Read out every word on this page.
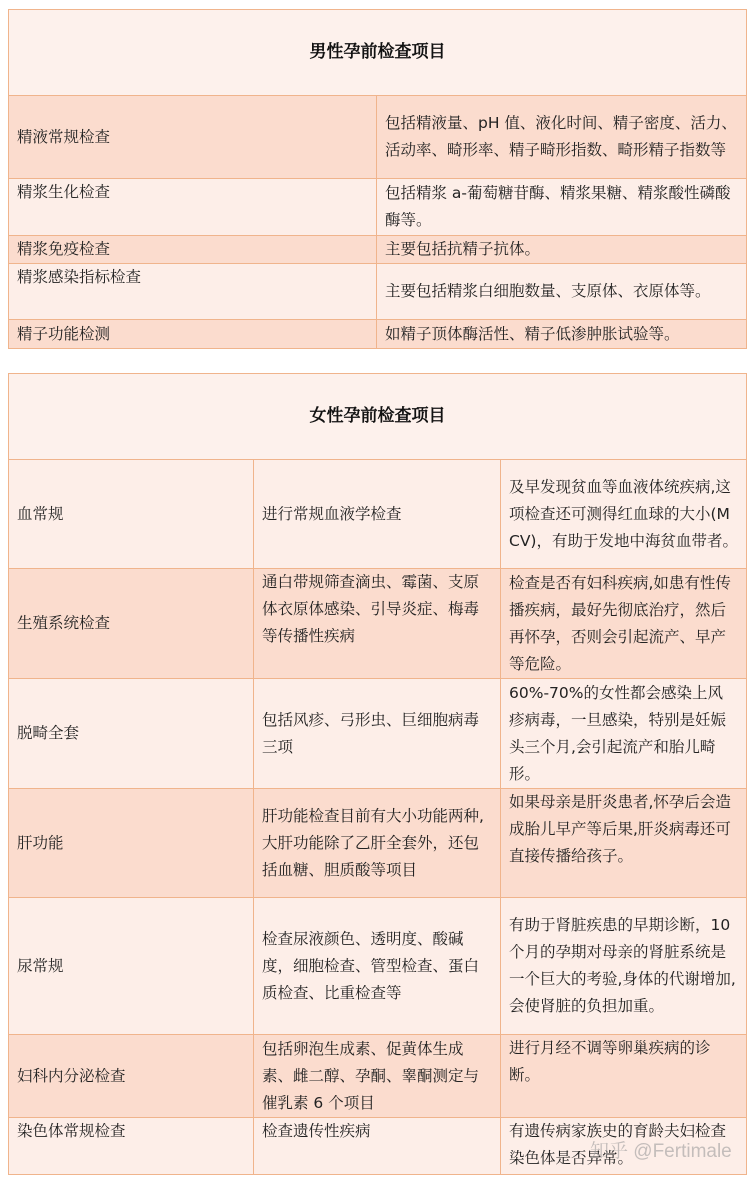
男性孕前检查项目	
精液常规检查	包括精液量、pH 值、液化时间、精子密度、活力、活动率、畸形率、精子畸形指数、畸形精子指数等
精浆生化检查	包括精浆 a-葡萄糖苷酶、精浆果糖、精浆酸性磷酸酶等。
精浆免疫检查	主要包括抗精子抗体。
精浆感染指标检查	主要包括精浆白细胞数量、支原体、衣原体等。
精子功能检测	如精子顶体酶活性、精子低渗肿胀试验等。
女性孕前检查项目		
血常规	进行常规血液学检查	及早发现贫血等血液体统疾病,这项检查还可测得红血球的大小(MCV)，有助于发地中海贫血带者。
生殖系统检查	通白带规筛查滴虫、霉菌、支原体衣原体感染、引导炎症、梅毒等传播性疾病	检查是否有妇科疾病,如患有性传播疾病，最好先彻底治疗，然后再怀孕，否则会引起流产、早产等危险。
脱畸全套	包括风疹、弓形虫、巨细胞病毒三项	60%-70%的女性都会感染上风疹病毒，一旦感染，特别是妊娠头三个月,会引起流产和胎儿畸形。
肝功能	肝功能检查目前有大小功能两种,大肝功能除了乙肝全套外，还包括血糖、胆质酸等项目	如果母亲是肝炎患者,怀孕后会造成胎儿早产等后果,肝炎病毒还可直接传播给孩子。
尿常规	检查尿液颜色、透明度、酸碱度，细胞检查、管型检查、蛋白质检查、比重检查等	有助于肾脏疾患的早期诊断，10 个月的孕期对母亲的肾脏系统是一个巨大的考验,身体的代谢增加,会使肾脏的负担加重。
妇科内分泌检查	包括卵泡生成素、促黄体生成素、雌二醇、孕酮、睾酮测定与催乳素 6 个项目	进行月经不调等卵巢疾病的诊断。
染色体常规检查	检查遗传性疾病	有遗传病家族史的育龄夫妇检查染色体是否异常。
知乎 @Fertimale
